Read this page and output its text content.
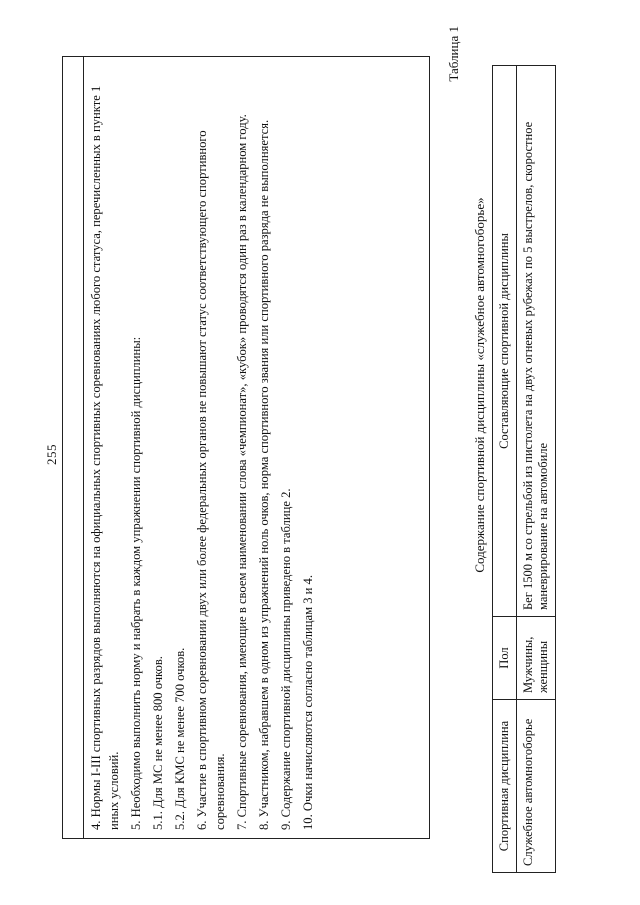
255 4. Нормы I-III спортивных разрядов выполняются на официальных спортивных соревнованиях любого статуса, перечисленных в пункте 1 иных условий. 5. Необходимо выполнить норму и набрать в каждом упражнении спортивной дисциплины: 5.1. Для МС не менее 800 очков. 5.2. Для КМС не менее 700 очков. 6. Участие в спортивном соревновании двух или более федеральных органов не повышают статус соответствующего спортивного соревнования. 7. Спортивные соревнования, имеющие в своем наименовании слова «чемпионат», «кубок» проводятся один раз в календарном году. 8. Участником, набравшем в одном из упражнений ноль очков, норма спортивного звания или спортивного разряда не выполняется. 9. Содержание спортивной дисциплины приведено в таблице 2. 10. Очки начисляются согласно таблицам 3 и 4.

Таблица 1
Содержание спортивной дисциплины «служебное автомногоборье»
Спортивная дисциплина	Пол	Составляющие спортивной дисциплины
Служебное автомногоборье	Мужчины, женщины	Бег 1500 м со стрельбой из пистолета на двух огневых рубежах по 5 выстрелов, скоростное маневрирование на автомобиле
